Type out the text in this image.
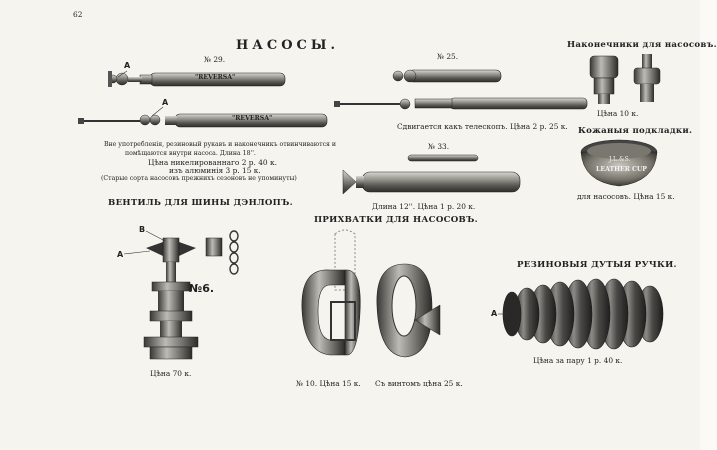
62
НАСОСЫ.
№ 29.
A
"REVERSA"
A
"REVERSA"
Вне употребленія, резиновый рукавъ и наконечникъ отвинчиваются и
помѣщаются внутри насоса. Длина 18''.
Цѣна никелированнаго 2 р. 40 к.
изъ алюминія 3 р. 15 к.
(Старые сорта насосовъ прежнихъ сезоновъ не упоминуты)
№ 25.
Сдвигается какъ телескопъ. Цѣна 2 р. 25 к.
№ 33.
Длина 12''. Цѣна 1 р. 20 к.
Наконечники для насосовъ.
Цѣна 10 к.
Кожаныя подкладки.
J.L.&S.
LEATHER CUP
для насосовъ. Цѣна 15 к.
ВЕНТИЛЬ ДЛЯ ШИНЫ ДЭНЛОПЪ.
B
A
№6.
Цѣна 70 к.
ПРИХВАТКИ ДЛЯ НАСОСОВЪ.
№ 10. Цѣна 15 к. Съ винтомъ цѣна 25 к.
РЕЗИНОВЫЯ ДУТЫЯ РУЧКИ.
A
Цѣна за пару 1 р. 40 к.
